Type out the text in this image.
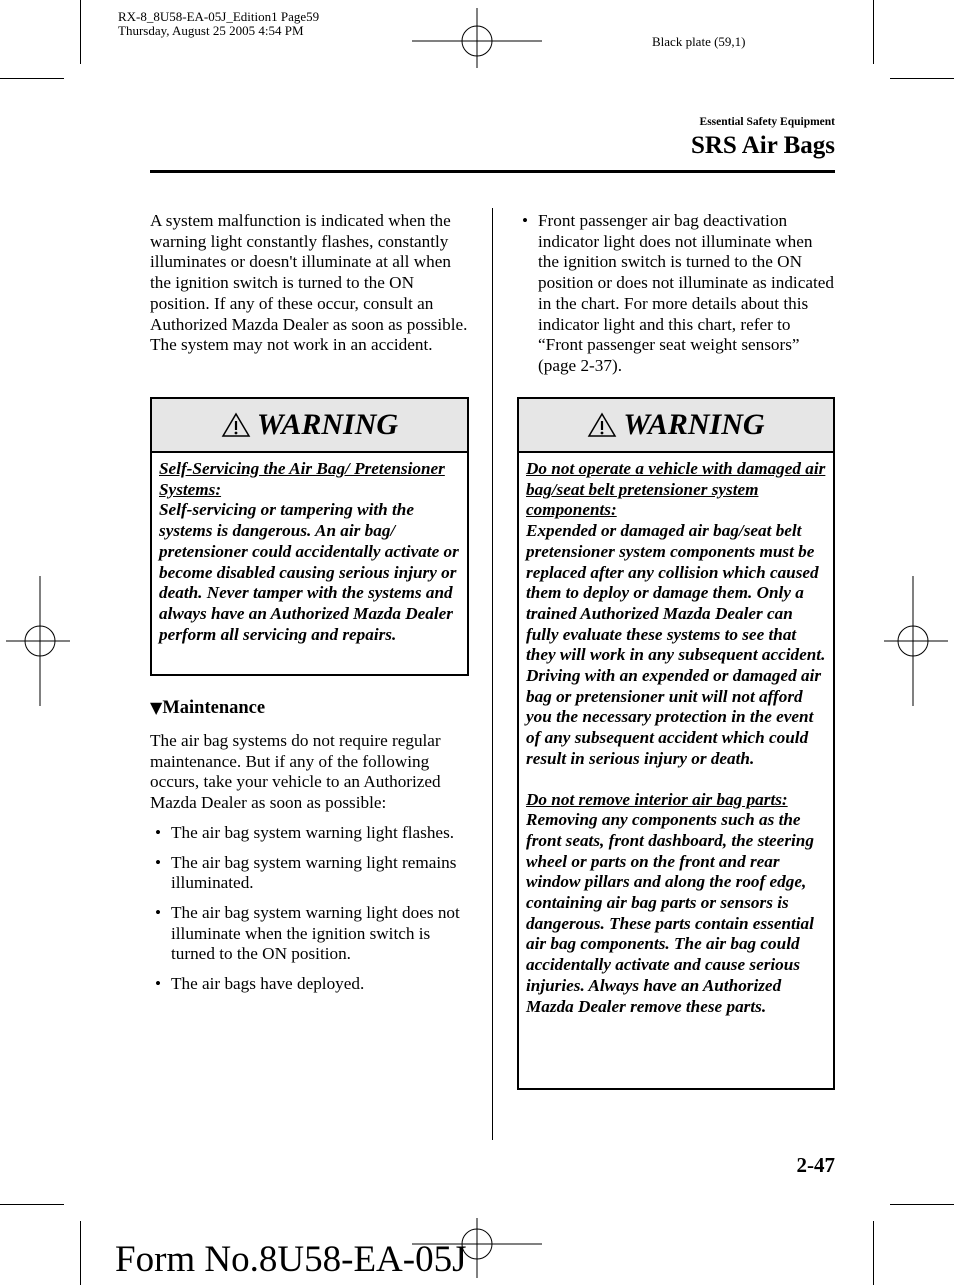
RX-8_8U58-EA-05J_Edition1 Page59
Thursday, August 25 2005 4:54 PM
Black plate (59,1)
Essential Safety Equipment
SRS Air Bags
A system malfunction is indicated when the warning light constantly flashes, constantly illuminates or doesn't illuminate at all when the ignition switch is turned to the ON position. If any of these occur, consult an Authorized Mazda Dealer as soon as possible. The system may not work in an accident.
WARNING
Self-Servicing the Air Bag/ Pretensioner Systems:
Self-servicing or tampering with the systems is dangerous. An air bag/ pretensioner could accidentally activate or become disabled causing serious injury or death. Never tamper with the systems and always have an Authorized Mazda Dealer perform all servicing and repairs.
▼Maintenance
The air bag systems do not require regular maintenance. But if any of the following occurs, take your vehicle to an Authorized Mazda Dealer as soon as possible:
• The air bag system warning light flashes.
• The air bag system warning light remains illuminated.
• The air bag system warning light does not illuminate when the ignition switch is turned to the ON position.
• The air bags have deployed.
• Front passenger air bag deactivation indicator light does not illuminate when the ignition switch is turned to the ON position or does not illuminate as indicated in the chart. For more details about this indicator light and this chart, refer to “Front passenger seat weight sensors” (page 2-37).
WARNING
Do not operate a vehicle with damaged air bag/seat belt pretensioner system components:
Expended or damaged air bag/seat belt pretensioner system components must be replaced after any collision which caused them to deploy or damage them. Only a trained Authorized Mazda Dealer can fully evaluate these systems to see that they will work in any subsequent accident. Driving with an expended or damaged air bag or pretensioner unit will not afford you the necessary protection in the event of any subsequent accident which could result in serious injury or death.
Do not remove interior air bag parts:
Removing any components such as the front seats, front dashboard, the steering wheel or parts on the front and rear window pillars and along the roof edge, containing air bag parts or sensors is dangerous. These parts contain essential air bag components. The air bag could accidentally activate and cause serious injuries. Always have an Authorized Mazda Dealer remove these parts.
2-47
Form No.8U58-EA-05J
